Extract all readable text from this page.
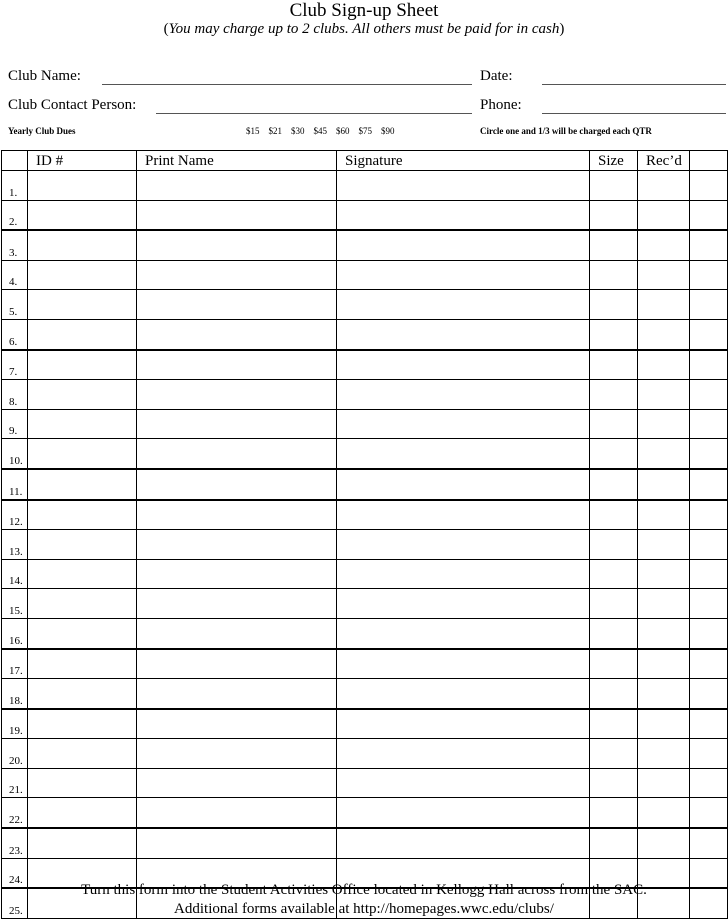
Club Sign-up Sheet
(You may charge up to 2 clubs. All others must be paid for in cash)
Club Name:	Date:
Club Contact Person:	Phone:
Yearly Club Dues	$15 $21 $30 $45 $60 $75 $90	Circle one and 1/3 will be charged each QTR
	ID #	Print Name	Signature	Size	Rec’d	
1.						
2.						
3.						
4.						
5.						
6.						
7.						
8.						
9.						
10.						
11.						
12.						
13.						
14.						
15.						
16.						
17.						
18.						
19.						
20.						
21.						
22.						
23.						
24.						
25.						
Turn this form into the Student Activities Office located in Kellogg Hall across from the SAC.
Additional forms available at http://homepages.wwc.edu/clubs/
